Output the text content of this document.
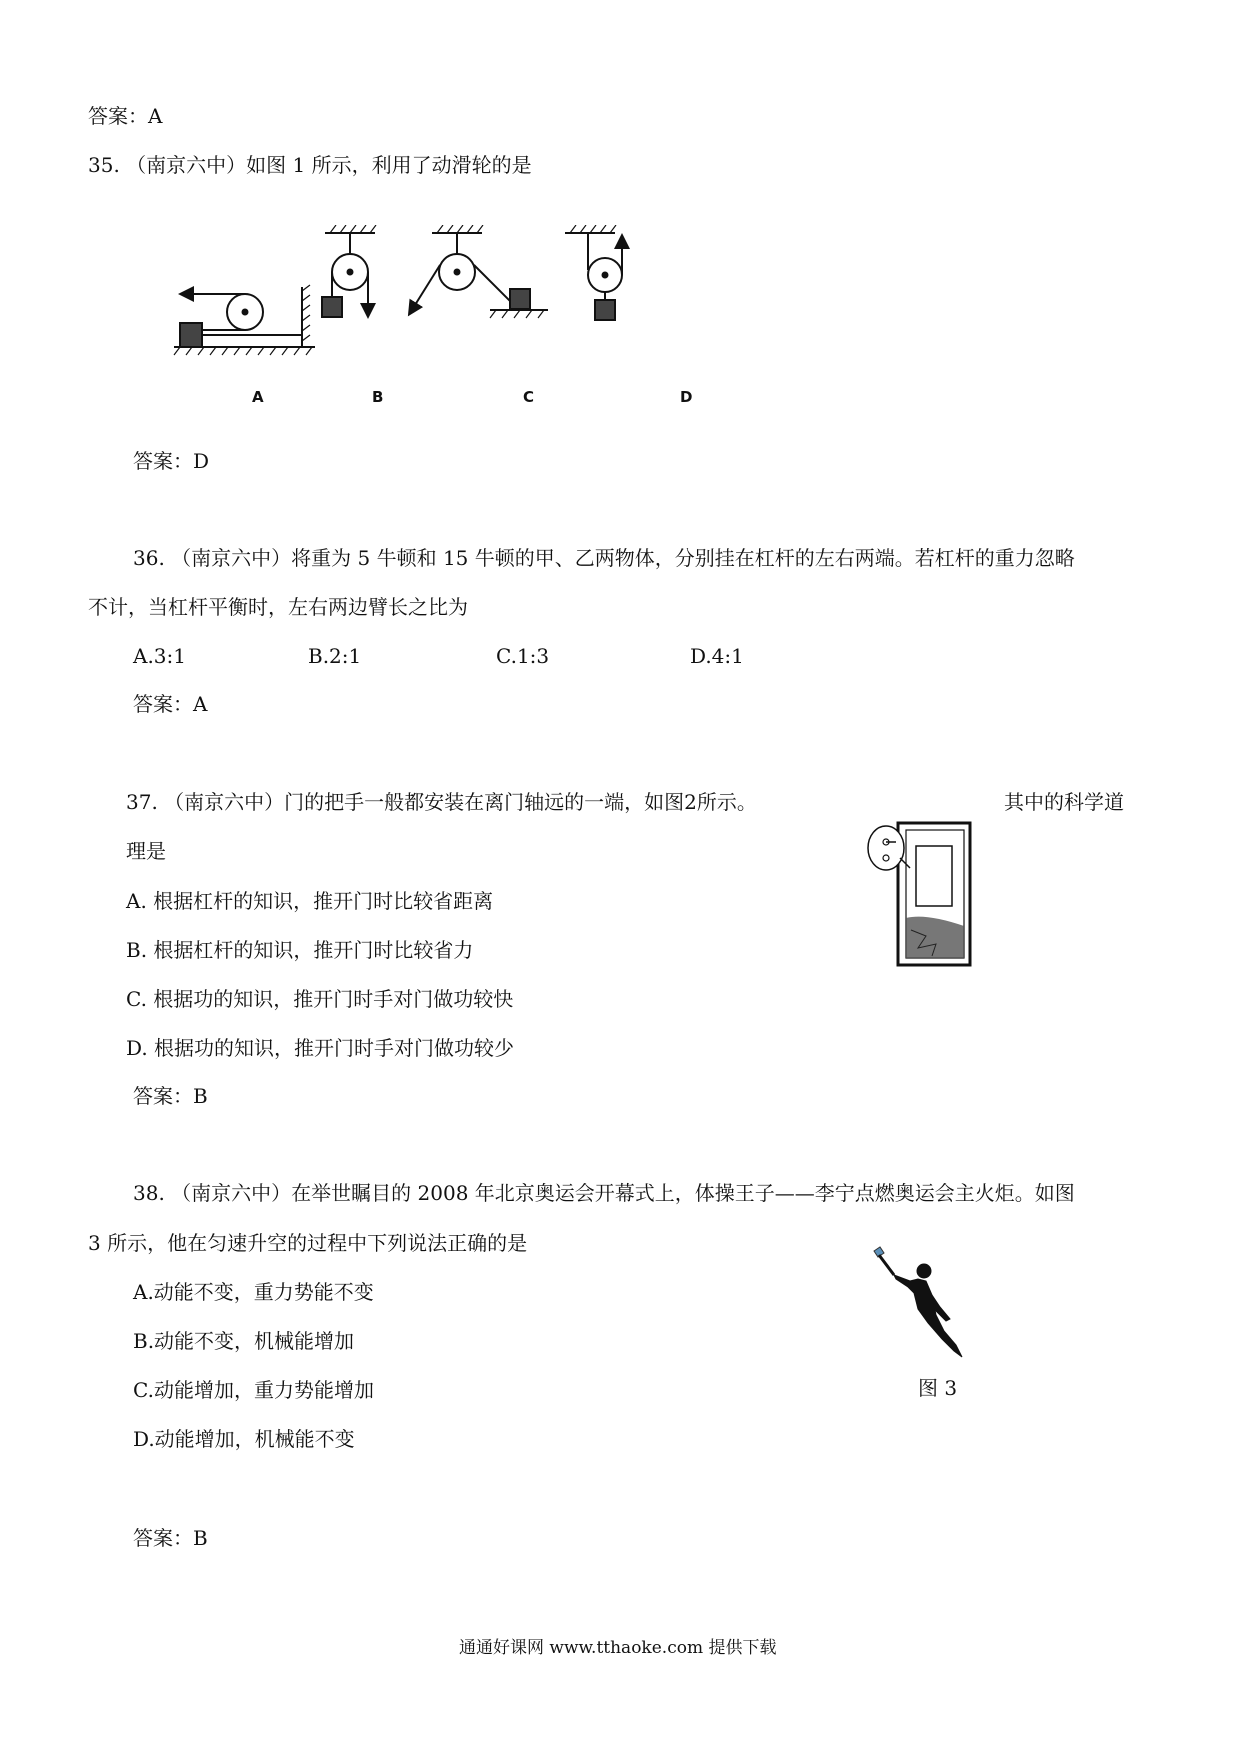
答案：A
35. （南京六中）如图 1 所示，利用了动滑轮的是
A	B	C	D
答案：D
36. （南京六中）将重为 5 牛顿和 15 牛顿的甲、乙两物体，分别挂在杠杆的左右两端。若杠杆的重力忽略
不计，当杠杆平衡时，左右两边臂长之比为
A.3:1	B.2:1	C.1:3	D.4:1
答案：A
37. （南京六中）门的把手一般都安装在离门轴远的一端，如图2所示。	其中的科学道
理是
A. 根据杠杆的知识，推开门时比较省距离
B. 根据杠杆的知识，推开门时比较省力
C. 根据功的知识，推开门时手对门做功较快
D. 根据功的知识，推开门时手对门做功较少
答案：B
38. （南京六中）在举世瞩目的 2008 年北京奥运会开幕式上，体操王子——李宁点燃奥运会主火炬。如图
3 所示，他在匀速升空的过程中下列说法正确的是
图 3
A.动能不变，重力势能不变
B.动能不变，机械能增加
C.动能增加，重力势能增加
D.动能增加，机械能不变
答案：B
通通好课网 www.tthaoke.com 提供下载
